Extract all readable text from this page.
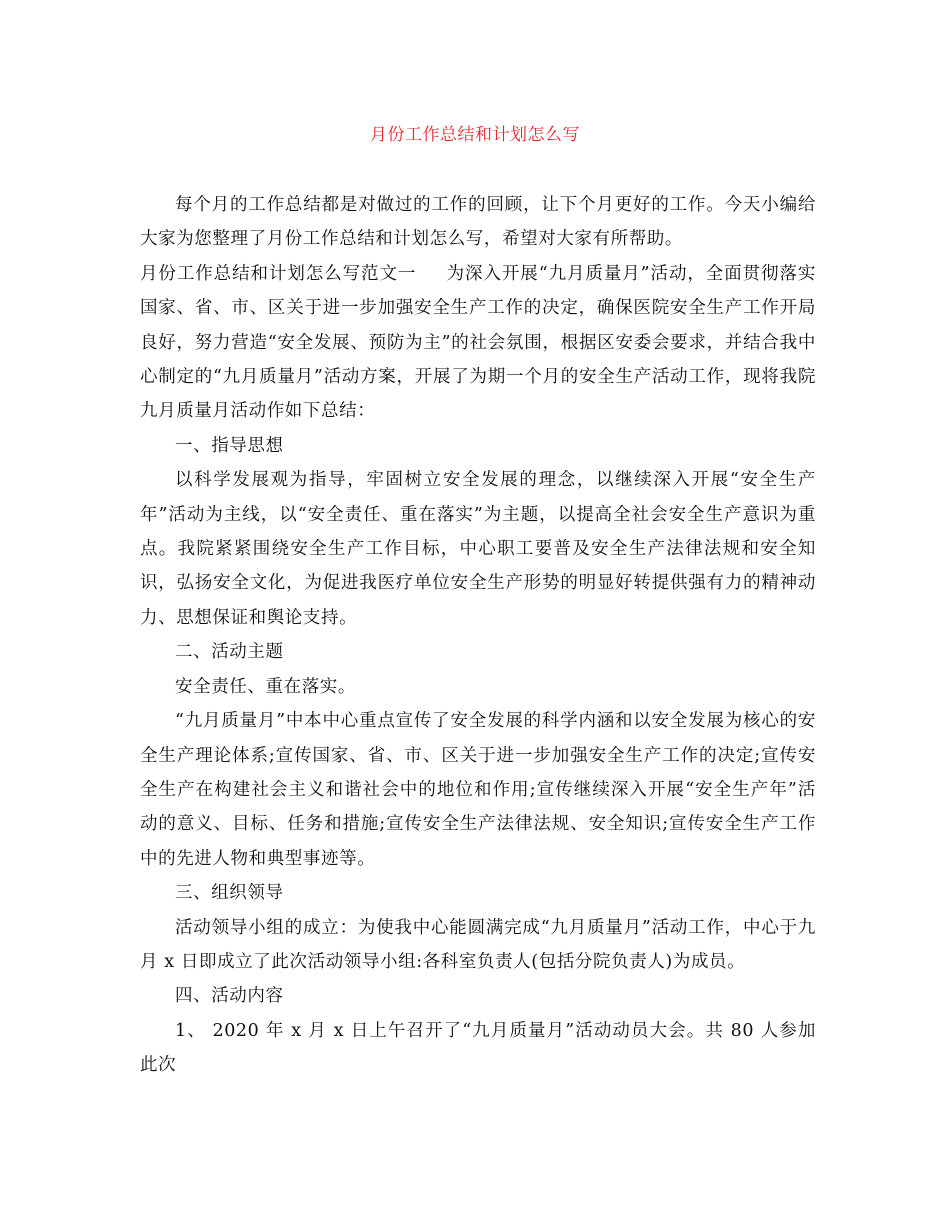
月份工作总结和计划怎么写

每个月的工作总结都是对做过的工作的回顾，让下个月更好的工作。今天小编给大家为您整理了月份工作总结和计划怎么写，希望对大家有所帮助。

月份工作总结和计划怎么写范文一 为深入开展“九月质量月”活动，全面贯彻落实国家、省、市、区关于进一步加强安全生产工作的决定，确保医院安全生产工作开局良好，努力营造“安全发展、预防为主”的社会氛围，根据区安委会要求，并结合我中心制定的“九月质量月”活动方案，开展了为期一个月的安全生产活动工作，现将我院九月质量月活动作如下总结：

一、指导思想

以科学发展观为指导，牢固树立安全发展的理念，以继续深入开展“安全生产年”活动为主线，以“安全责任、重在落实”为主题，以提高全社会安全生产意识为重点。我院紧紧围绕安全生产工作目标，中心职工要普及安全生产法律法规和安全知识，弘扬安全文化，为促进我医疗单位安全生产形势的明显好转提供强有力的精神动力、思想保证和舆论支持。

二、活动主题

安全责任、重在落实。

“九月质量月”中本中心重点宣传了安全发展的科学内涵和以安全发展为核心的安全生产理论体系;宣传国家、省、市、区关于进一步加强安全生产工作的决定;宣传安全生产在构建社会主义和谐社会中的地位和作用;宣传继续深入开展“安全生产年”活动的意义、目标、任务和措施;宣传安全生产法律法规、安全知识;宣传安全生产工作中的先进人物和典型事迹等。

三、组织领导

活动领导小组的成立：为使我中心能圆满完成“九月质量月”活动工作，中心于九月 x 日即成立了此次活动领导小组:各科室负责人(包括分院负责人)为成员。

四、活动内容

1、 2020 年 x 月 x 日上午召开了“九月质量月”活动动员大会。共 80 人参加此次
